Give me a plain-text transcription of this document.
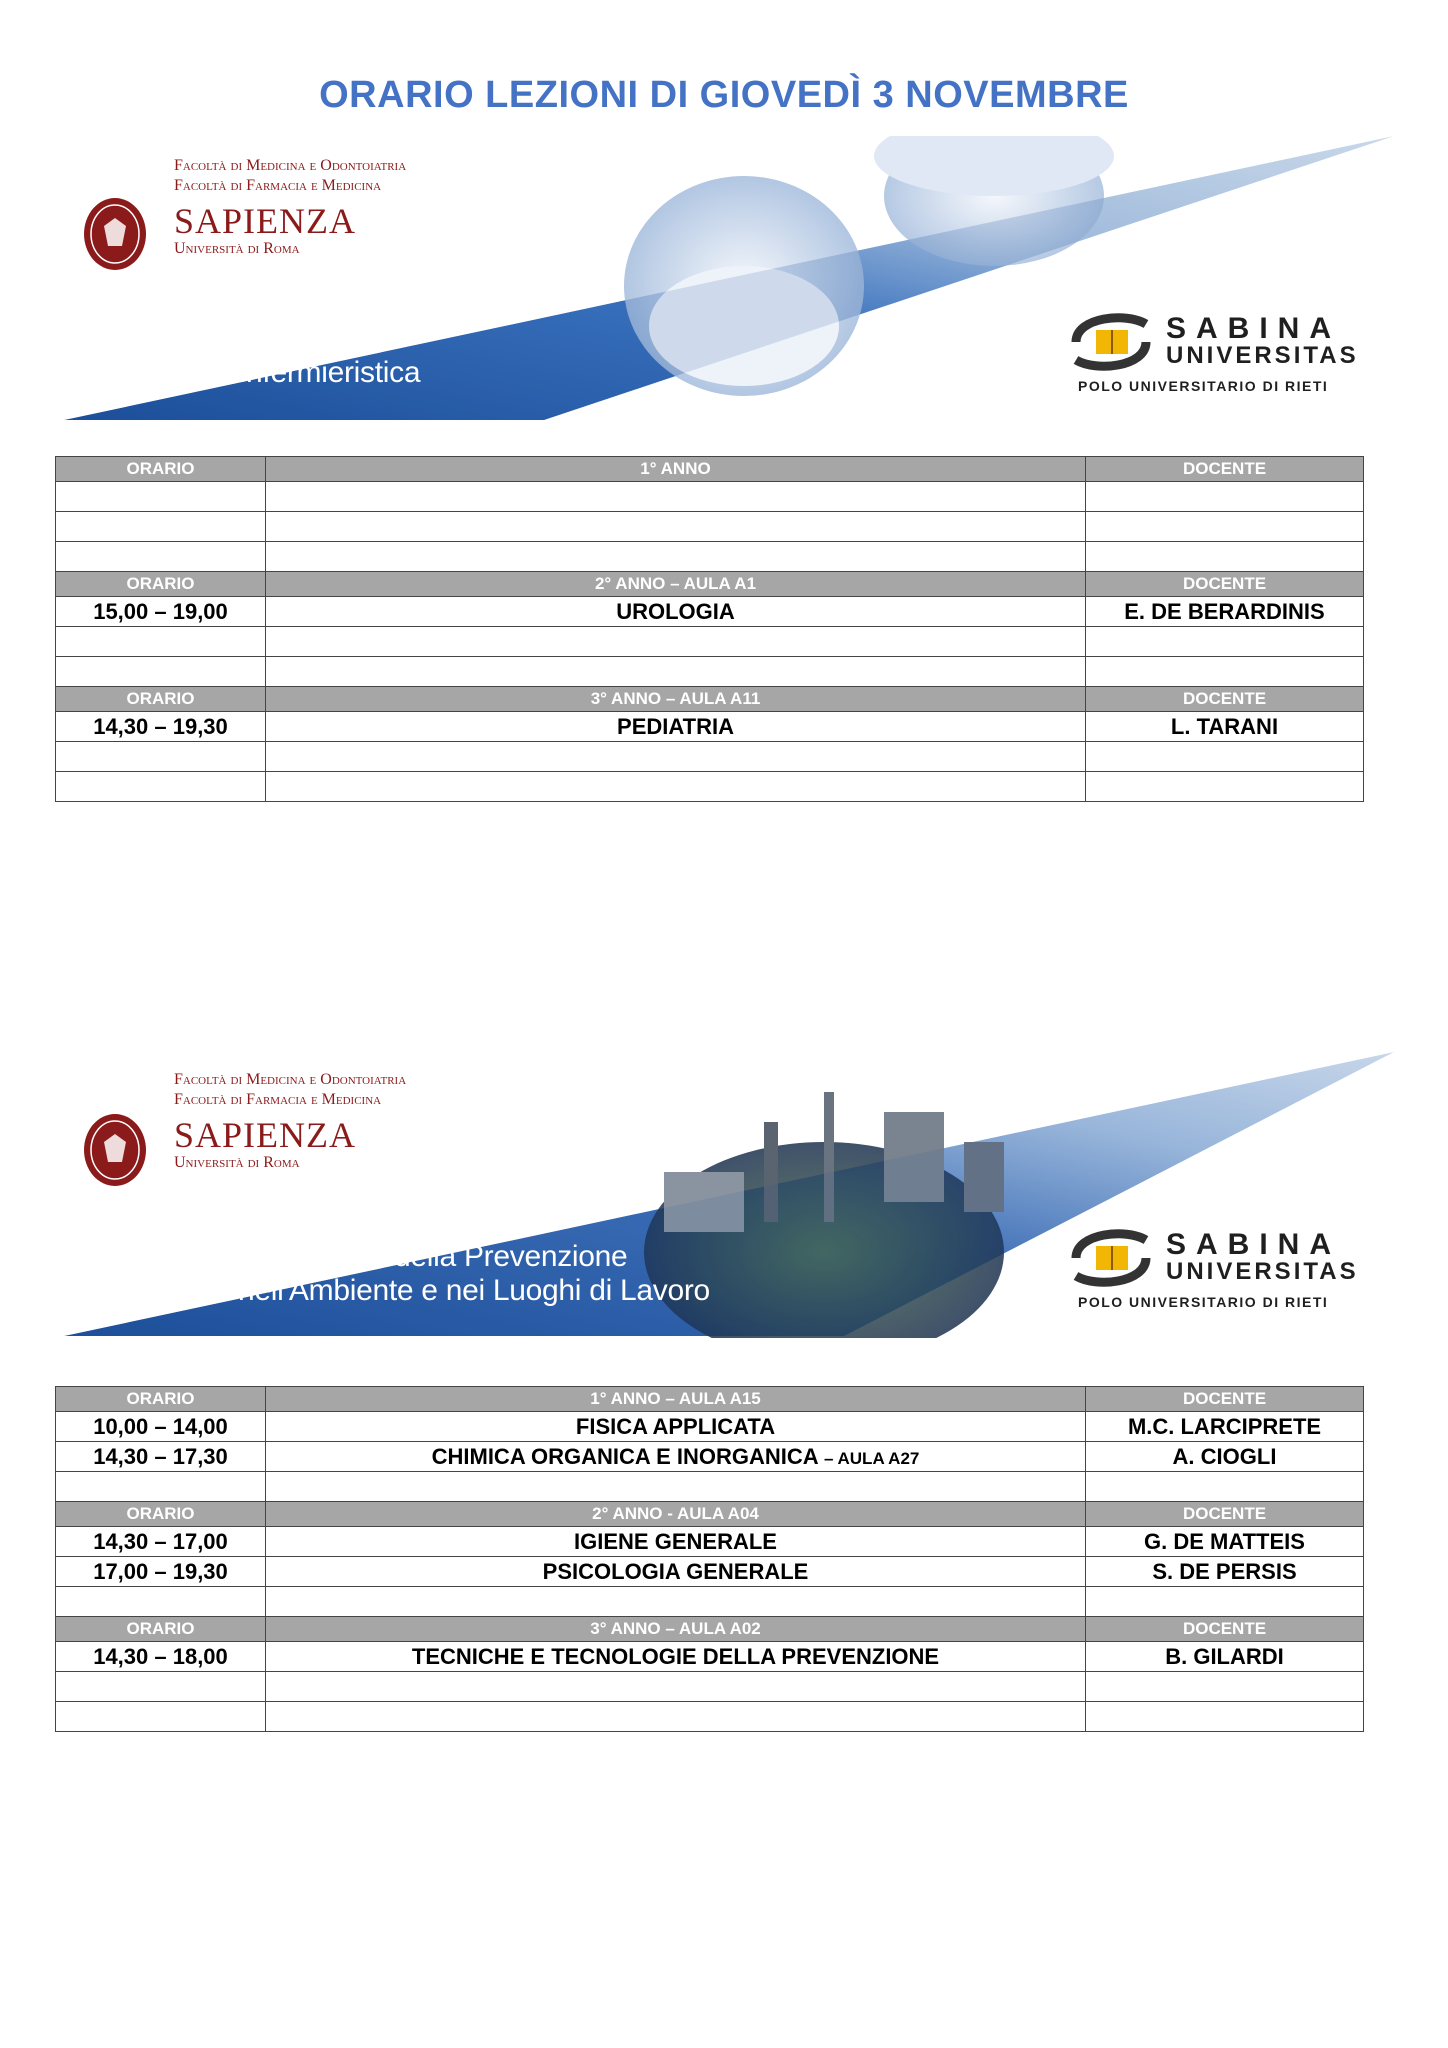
ORARIO LEZIONI DI GIOVEDÌ 3 NOVEMBRE
Facoltà di Medicina e Odontoiatria
Facoltà di Farmacia e Medicina
SAPIENZA
Università di Roma
Infermieristica
SABINA
UNIVERSITAS
POLO UNIVERSITARIO DI RIETI
ORARIO	1° ANNO	DOCENTE

ORARIO	2° ANNO – AULA A1	DOCENTE
15,00 – 19,00	UROLOGIA	E. DE BERARDINIS

ORARIO	3° ANNO – AULA A11	DOCENTE
14,30 – 19,30	PEDIATRIA	L. TARANI

Facoltà di Medicina e Odontoiatria
Facoltà di Farmacia e Medicina
SAPIENZA
Università di Roma
Tecniche della Prevenzione
nell'Ambiente e nei Luoghi di Lavoro
SABINA
UNIVERSITAS
POLO UNIVERSITARIO DI RIETI
ORARIO	1° ANNO – AULA A15	DOCENTE
10,00 – 14,00	FISICA APPLICATA	M.C. LARCIPRETE
14,30 – 17,30	CHIMICA ORGANICA E INORGANICA – AULA A27	A. CIOGLI

ORARIO	2° ANNO - AULA A04	DOCENTE
14,30 – 17,00	IGIENE GENERALE	G. DE MATTEIS
17,00 – 19,30	PSICOLOGIA GENERALE	S. DE PERSIS

ORARIO	3° ANNO – AULA A02	DOCENTE
14,30 – 18,00	TECNICHE E TECNOLOGIE DELLA PREVENZIONE	B. GILARDI
